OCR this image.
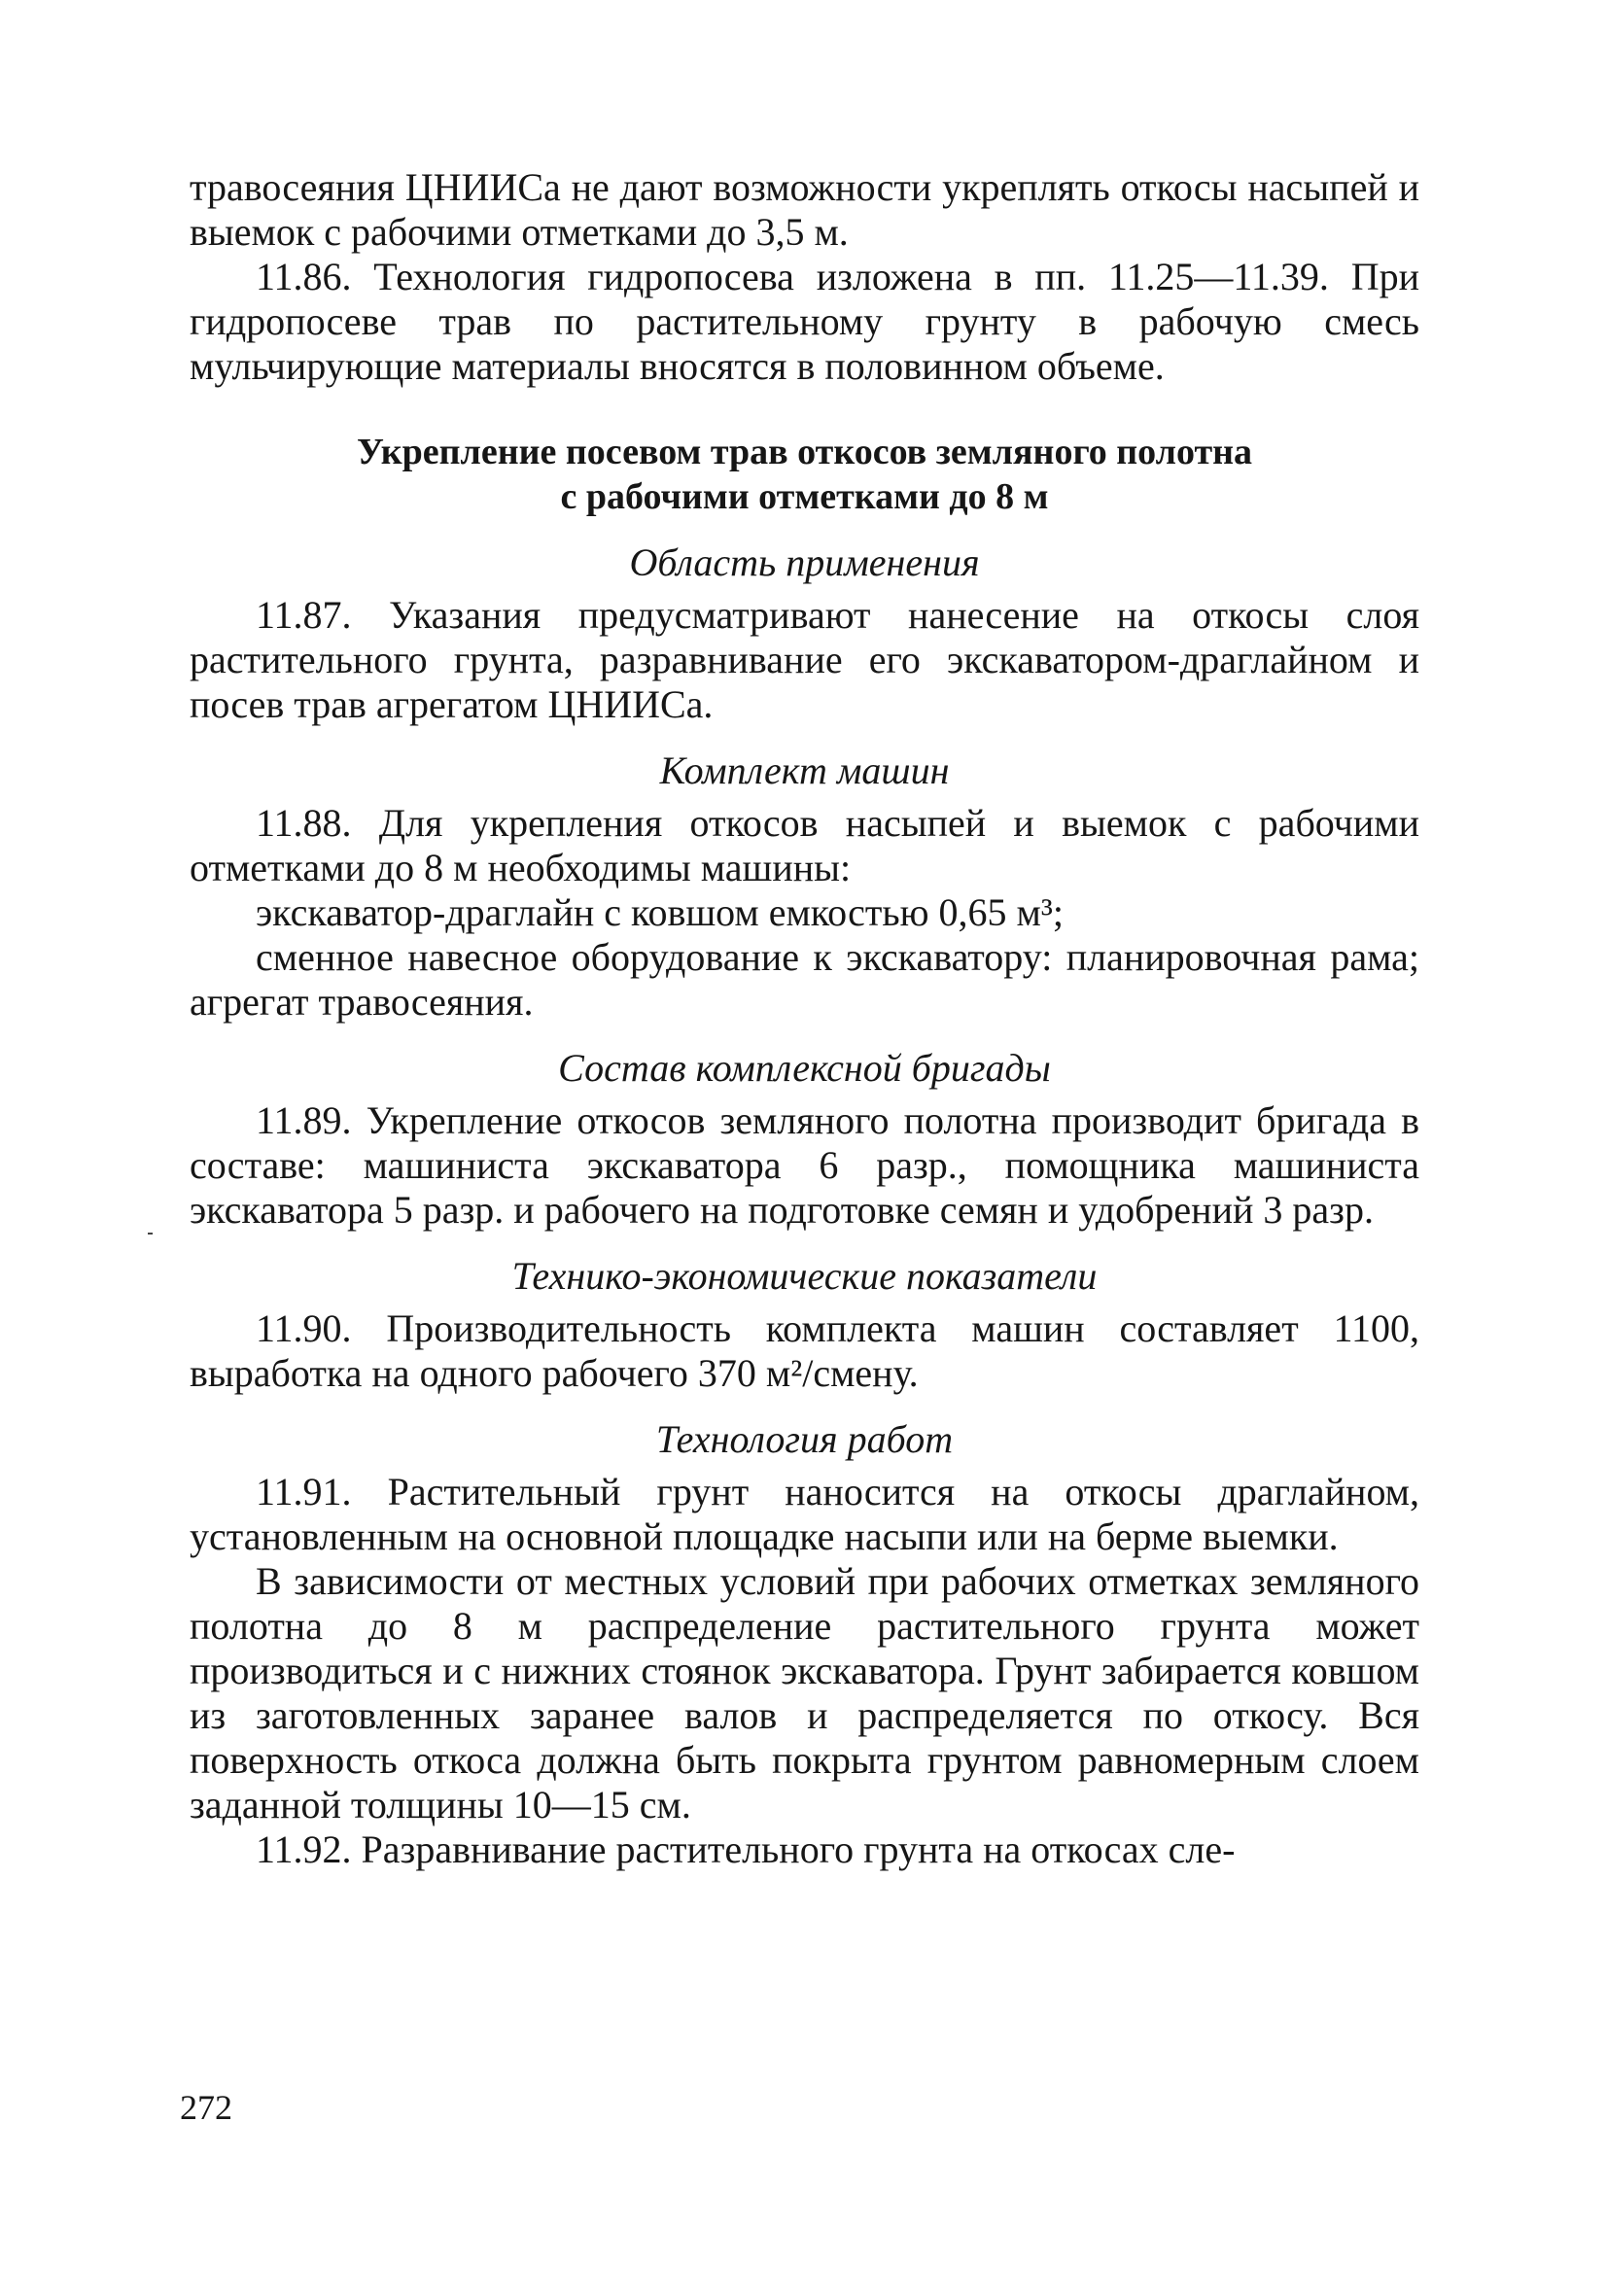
травосеяния ЦНИИСа не дают возможности укреплять откосы насыпей и выемок с рабочими отметками до 3,5 м.

11.86. Технология гидропосева изложена в пп. 11.25—11.39. При гидропосеве трав по растительному грунту в рабочую смесь мульчирующие материалы вносятся в половинном объеме.

Укрепление посевом трав откосов земляного полотна

с рабочими отметками до 8 м

Область применения

11.87. Указания предусматривают нанесение на откосы слоя растительного грунта, разравнивание его экскаватором-драглайном и посев трав агрегатом ЦНИИСа.

Комплект машин

11.88. Для укрепления откосов насыпей и выемок с рабочими отметками до 8 м необходимы машины:

экскаватор-драглайн с ковшом емкостью 0,65 м³;

сменное навесное оборудование к экскаватору: планировочная рама; агрегат травосеяния.

Состав комплексной бригады

11.89. Укрепление откосов земляного полотна производит бригада в составе: машиниста экскаватора 6 разр., помощника машиниста экскаватора 5 разр. и рабочего на подготовке семян и удобрений 3 разр.

Технико-экономические показатели

11.90. Производительность комплекта машин составляет 1100, выработка на одного рабочего 370 м²/смену.

Технология работ

11.91. Растительный грунт наносится на откосы драглайном, установленным на основной площадке насыпи или на берме выемки.

В зависимости от местных условий при рабочих отметках земляного полотна до 8 м распределение растительного грунта может производиться и с нижних стоянок экскаватора. Грунт забирается ковшом из заготовленных заранее валов и распределяется по откосу. Вся поверхность откоса должна быть покрыта грунтом равномерным слоем заданной толщины 10—15 см.

11.92. Разравнивание растительного грунта на откосах сле-

272
